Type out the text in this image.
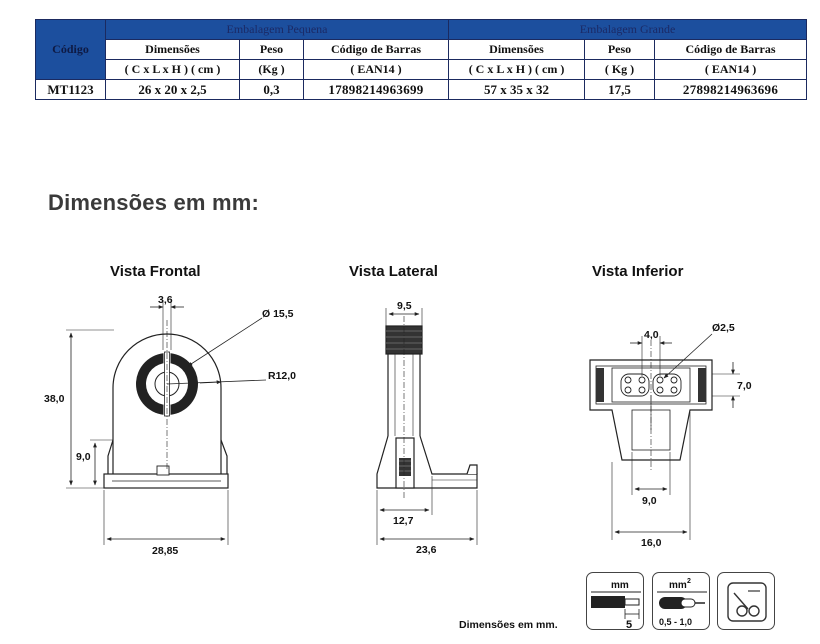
Código	Embalagem Pequena			Embalagem Grande		
	Dimensões	Peso	Código de Barras	Dimensões	Peso	Código de Barras
	( C x L x H ) ( cm )	(Kg )	( EAN14 )	( C x L x H ) ( cm )	( Kg )	( EAN14 )
MT1123	26 x 20 x 2,5	0,3	17898214963699	57 x 35 x 32	17,5	27898214963696
Dimensões em mm:
Vista Frontal	Vista Lateral	Vista Inferior
3,6
Ø 15,5
R12,0
38,0
9,0
28,85
9,5
12,7
23,6
4,0
Ø2,5
7,0
9,0
16,0

Dimensões em mm.

mm
5
mm 2
0,5 - 1,0
